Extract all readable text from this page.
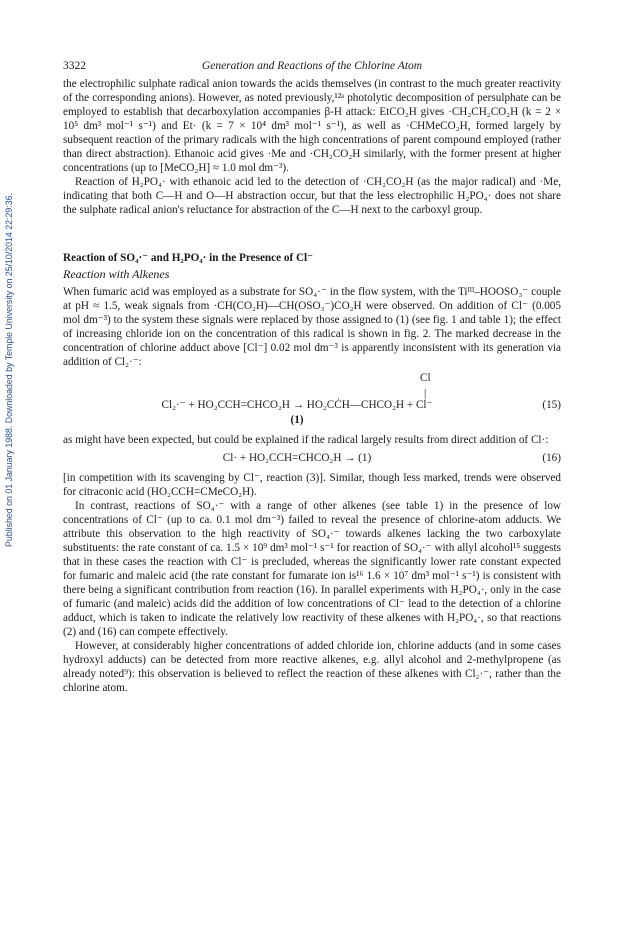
Published on 01 January 1988. Downloaded by Temple University on 25/10/2014 22:29:36.
3322	Generation and Reactions of the Chlorine Atom

the electrophilic sulphate radical anion towards the acids themselves (in contrast to the much greater reactivity of the corresponding anions). However, as noted previously,¹²ᵃ photolytic decomposition of persulphate can be employed to establish that decarboxylation accompanies β-H attack: EtCO₂H gives ·CH₂CH₂CO₂H (k = 2 × 10⁵ dm³ mol⁻¹ s⁻¹) and Et· (k = 7 × 10⁴ dm³ mol⁻¹ s⁻¹), as well as ·CHMeCO₂H, formed largely by subsequent reaction of the primary radicals with the high concentrations of parent compound employed (rather than direct abstraction). Ethanoic acid gives ·Me and ·CH₂CO₂H similarly, with the former present at higher concentrations (up to [MeCO₂H] ≈ 1.0 mol dm⁻³).

Reaction of H₂PO₄· with ethanoic acid led to the detection of ·CH₂CO₂H (as the major radical) and ·Me, indicating that both C—H and O—H abstraction occur, but that the less electrophilic H₂PO₄· does not share the sulphate radical anion's reluctance for abstraction of the C—H next to the carboxyl group.

Reaction of SO₄·⁻ and H₂PO₄· in the Presence of Cl⁻
Reaction with Alkenes

When fumaric acid was employed as a substrate for SO₄·⁻ in the flow system, with the Tiᴵᴵᴵ–HOOSO₃⁻ couple at pH ≈ 1.5, weak signals from ·CH(CO₂H)—CH(OSO₃⁻)CO₂H were observed. On addition of Cl⁻ (0.005 mol dm⁻³) to the system these signals were replaced by those assigned to (1) (see fig. 1 and table 1); the effect of increasing chloride ion on the concentration of this radical is shown in fig. 2. The marked decrease in the concentration of chlorine adduct above [Cl⁻] 0.02 mol dm⁻³ is apparently inconsistent with its generation via addition of Cl₂·⁻:

Cl
|
Cl₂·⁻ + HO₂CCH=CHCO₂H → HO₂CĊH—CHCO₂H + Cl⁻	(15)
(1)

as might have been expected, but could be explained if the radical largely results from direct addition of Cl·:

Cl· + HO₂CCH=CHCO₂H → (1)	(16)

[in competition with its scavenging by Cl⁻, reaction (3)]. Similar, though less marked, trends were observed for citraconic acid (HO₂CCH=CMeCO₂H).

In contrast, reactions of SO₄·⁻ with a range of other alkenes (see table 1) in the presence of low concentrations of Cl⁻ (up to ca. 0.1 mol dm⁻³) failed to reveal the presence of chlorine-atom adducts. We attribute this observation to the high reactivity of SO₄·⁻ towards alkenes lacking the two carboxylate substituents: the rate constant of ca. 1.5 × 10⁹ dm³ mol⁻¹ s⁻¹ for reaction of SO₄·⁻ with allyl alcohol¹⁵ suggests that in these cases the reaction with Cl⁻ is precluded, whereas the significantly lower rate constant expected for fumaric and maleic acid (the rate constant for fumarate ion is¹⁶ 1.6 × 10⁷ dm³ mol⁻¹ s⁻¹) is consistent with there being a significant contribution from reaction (16). In parallel experiments with H₂PO₄·, only in the case of fumaric (and maleic) acids did the addition of low concentrations of Cl⁻ lead to the detection of a chlorine adduct, which is taken to indicate the relatively low reactivity of these alkenes with H₂PO₄·, so that reactions (2) and (16) can compete effectively.

However, at considerably higher concentrations of added chloride ion, chlorine adducts (and in some cases hydroxyl adducts) can be detected from more reactive alkenes, e.g. allyl alcohol and 2-methylpropene (as already noted⁹): this observation is believed to reflect the reaction of these alkenes with Cl₂·⁻, rather than the chlorine atom.
